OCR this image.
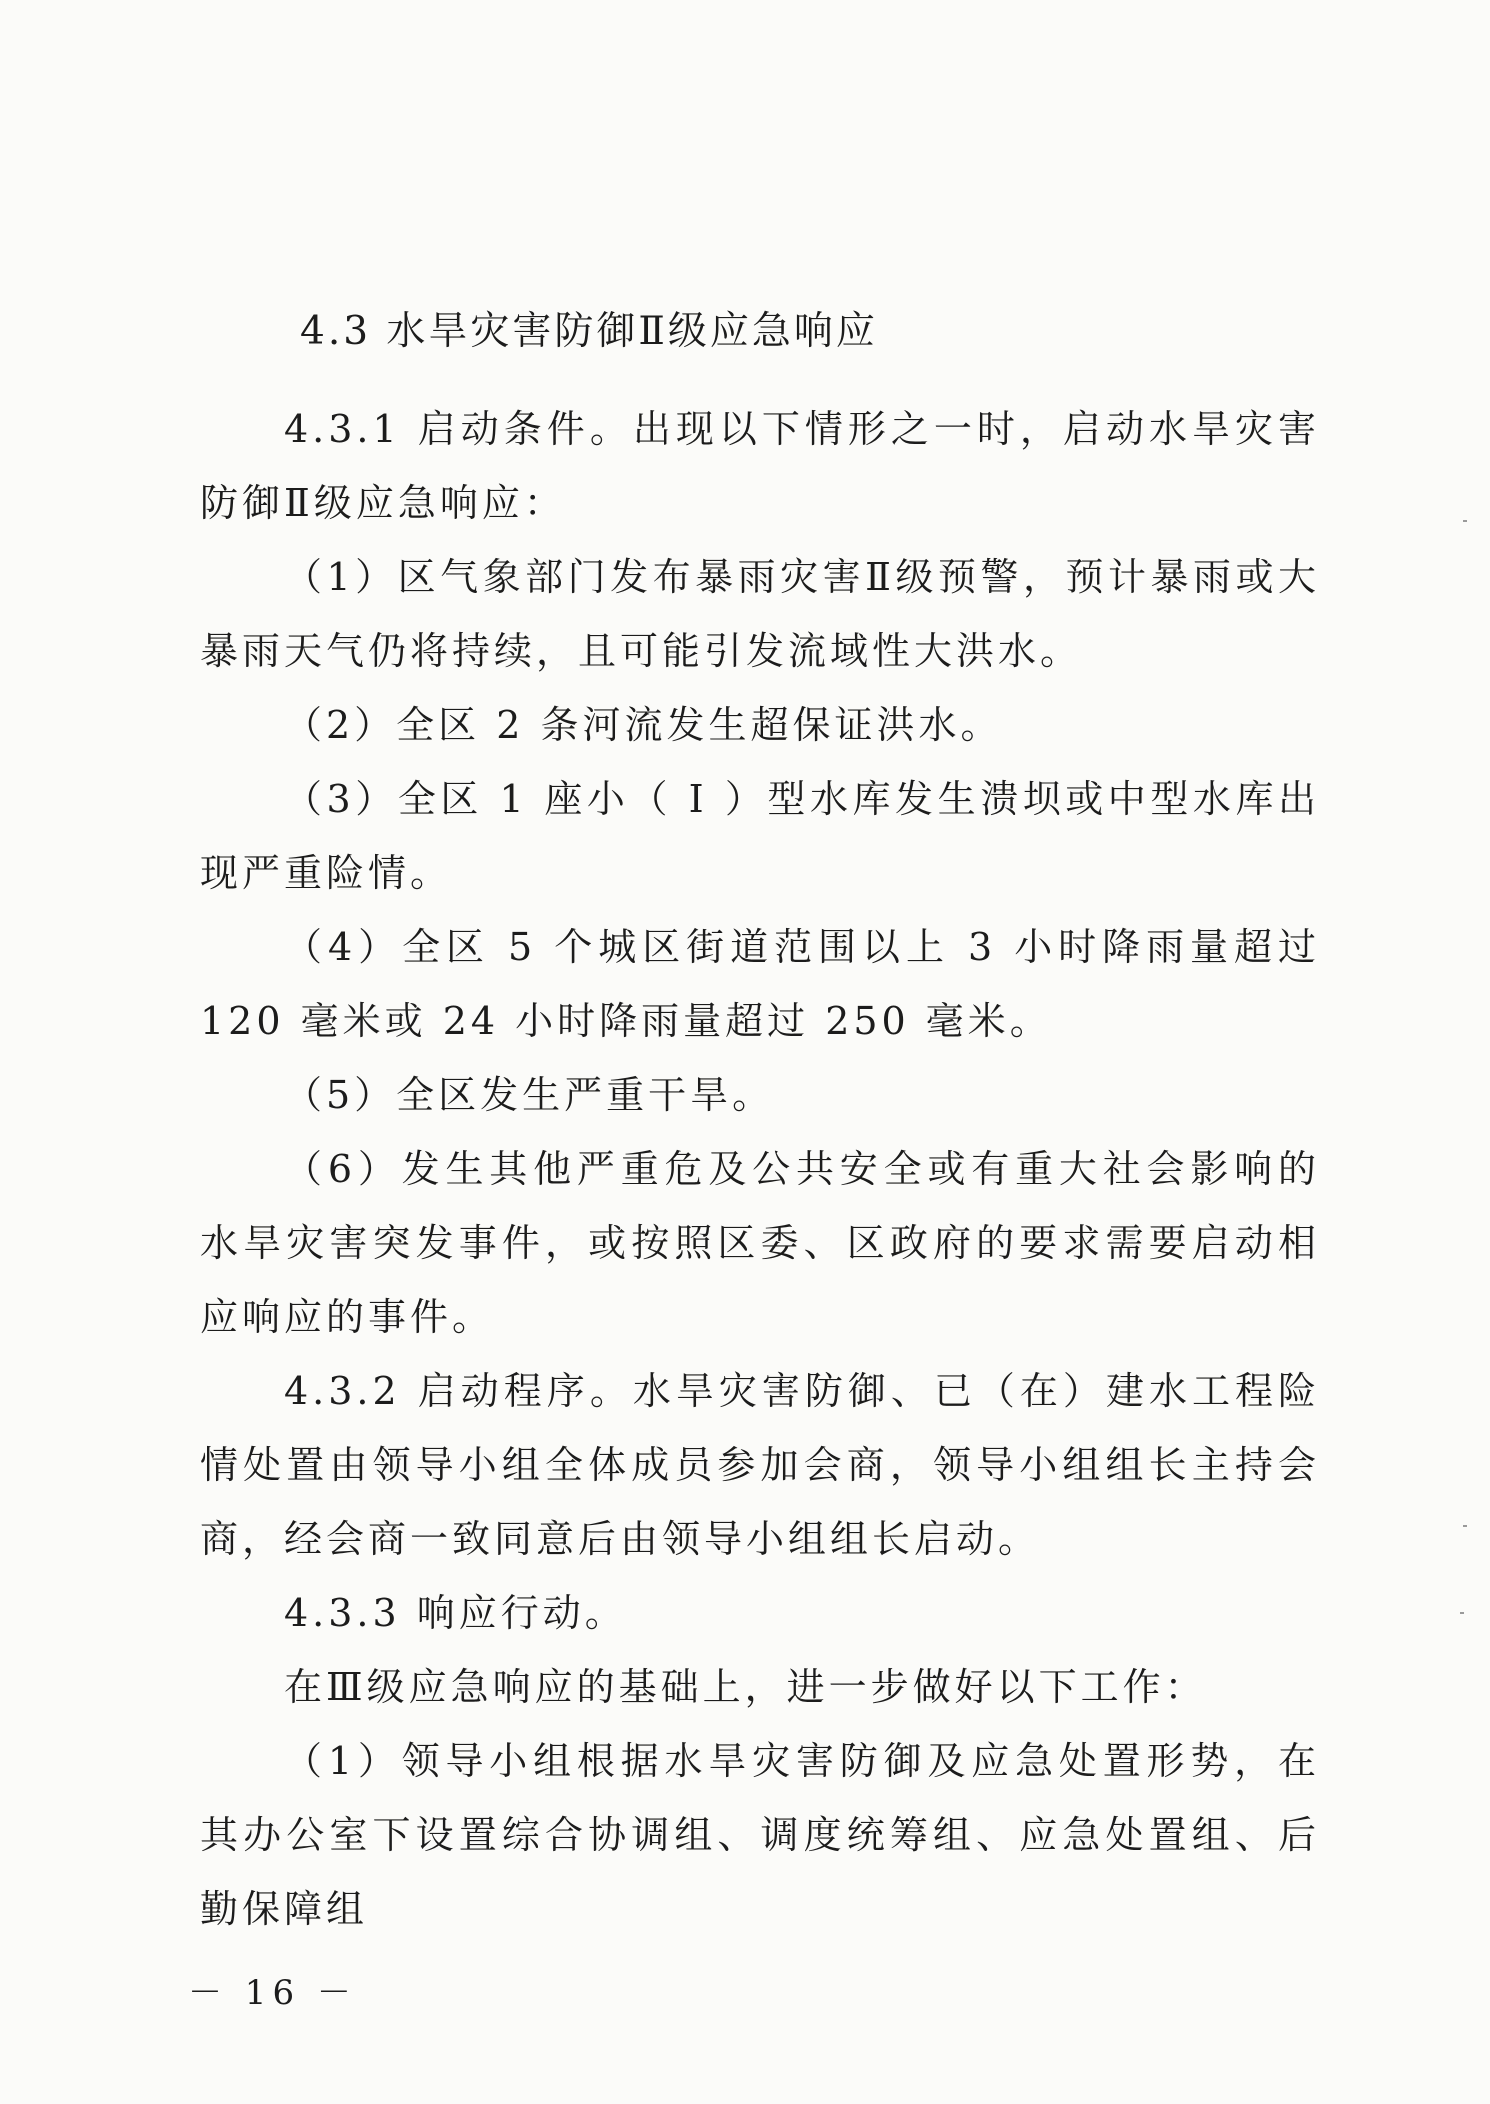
4.3 水旱灾害防御Ⅱ级应急响应
4.3.1 启动条件。出现以下情形之一时，启动水旱灾害防御Ⅱ级应急响应：
（1）区气象部门发布暴雨灾害Ⅱ级预警，预计暴雨或大暴雨天气仍将持续，且可能引发流域性大洪水。
（2）全区 2 条河流发生超保证洪水。
（3）全区 1 座小（ Ⅰ ）型水库发生溃坝或中型水库出现严重险情。
（4）全区 5 个城区街道范围以上 3 小时降雨量超过 120 毫米或 24 小时降雨量超过 250 毫米。
（5）全区发生严重干旱。
（6）发生其他严重危及公共安全或有重大社会影响的水旱灾害突发事件，或按照区委、区政府的要求需要启动相应响应的事件。
4.3.2 启动程序。水旱灾害防御、已（在）建水工程险情处置由领导小组全体成员参加会商，领导小组组长主持会商，经会商一致同意后由领导小组组长启动。
4.3.3 响应行动。
在Ⅲ级应急响应的基础上，进一步做好以下工作：
（1）领导小组根据水旱灾害防御及应急处置形势，在其办公室下设置综合协调组、调度统筹组、应急处置组、后勤保障组
－ 16 －
